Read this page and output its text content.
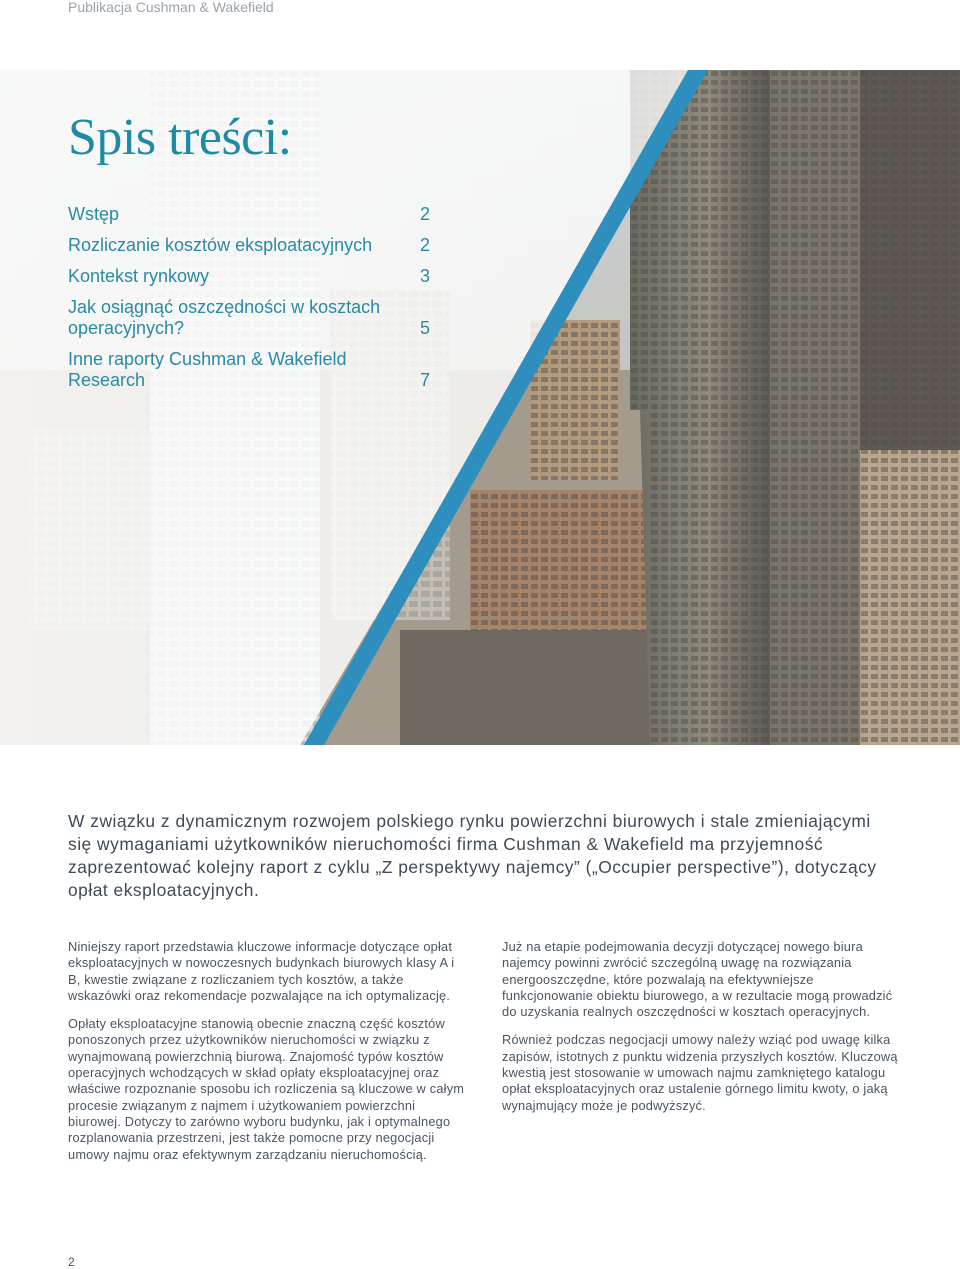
Publikacja Cushman & Wakefield
Spis treści:
Wstęp	2
Rozliczanie kosztów eksploatacyjnych	2
Kontekst rynkowy	3
Jak osiągnąć oszczędności w kosztach operacyjnych?	5
Inne raporty Cushman & Wakefield Research	7
W związku z dynamicznym rozwojem polskiego rynku powierzchni biurowych i stale zmieniającymi się wymaganiami użytkowników nieruchomości firma Cushman & Wakefield ma przyjemność zaprezentować kolejny raport z cyklu „Z perspektywy najemcy” („Occupier perspective”), dotyczący opłat eksploatacyjnych.

Niniejszy raport przedstawia kluczowe informacje dotyczące opłat eksploatacyjnych w nowoczesnych budynkach biurowych klasy A i B, kwestie związane z rozliczaniem tych kosztów, a także wskazówki oraz rekomendacje pozwalające na ich optymalizację.

Opłaty eksploatacyjne stanowią obecnie znaczną część kosztów ponoszonych przez użytkowników nieruchomości w związku z wynajmowaną powierzchnią biurową. Znajomość typów kosztów operacyjnych wchodzących w skład opłaty eksploatacyjnej oraz właściwe rozpoznanie sposobu ich rozliczenia są kluczowe w całym procesie związanym z najmem i użytkowaniem powierzchni biurowej. Dotyczy to zarówno wyboru budynku, jak i optymalnego rozplanowania przestrzeni, jest także pomocne przy negocjacji umowy najmu oraz efektywnym zarządzaniu nieruchomością.

Już na etapie podejmowania decyzji dotyczącej nowego biura najemcy powinni zwrócić szczególną uwagę na rozwiązania energooszczędne, które pozwalają na efektywniejsze funkcjonowanie obiektu biurowego, a w rezultacie mogą prowadzić do uzyskania realnych oszczędności w kosztach operacyjnych.

Również podczas negocjacji umowy należy wziąć pod uwagę kilka zapisów, istotnych z punktu widzenia przyszłych kosztów. Kluczową kwestią jest stosowanie w umowach najmu zamkniętego katalogu opłat eksploatacyjnych oraz ustalenie górnego limitu kwoty, o jaką wynajmujący może je podwyższyć.

2
